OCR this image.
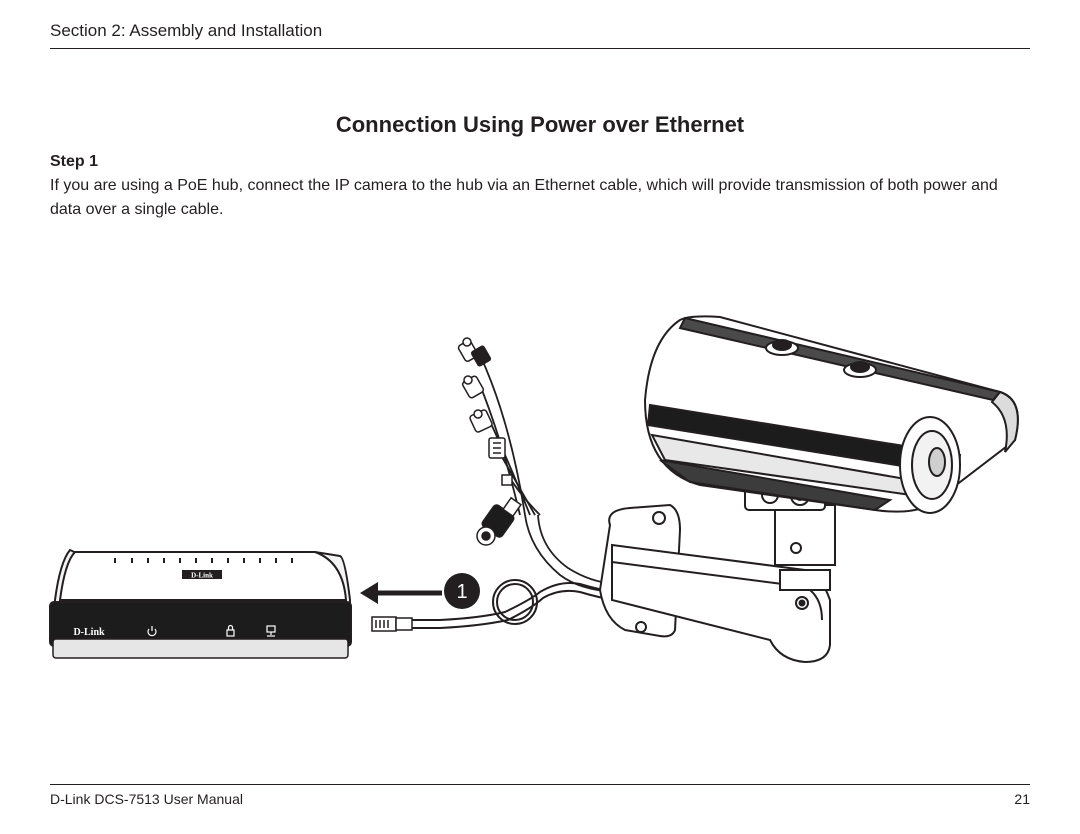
Section 2: Assembly and Installation
Connection Using Power over Ethernet
Step 1
If you are using a PoE hub, connect the IP camera to the hub via an Ethernet cable, which will provide transmission of both power and data over a single cable.
D-Link
D-Link
1
D-Link DCS-7513 User Manual	21
